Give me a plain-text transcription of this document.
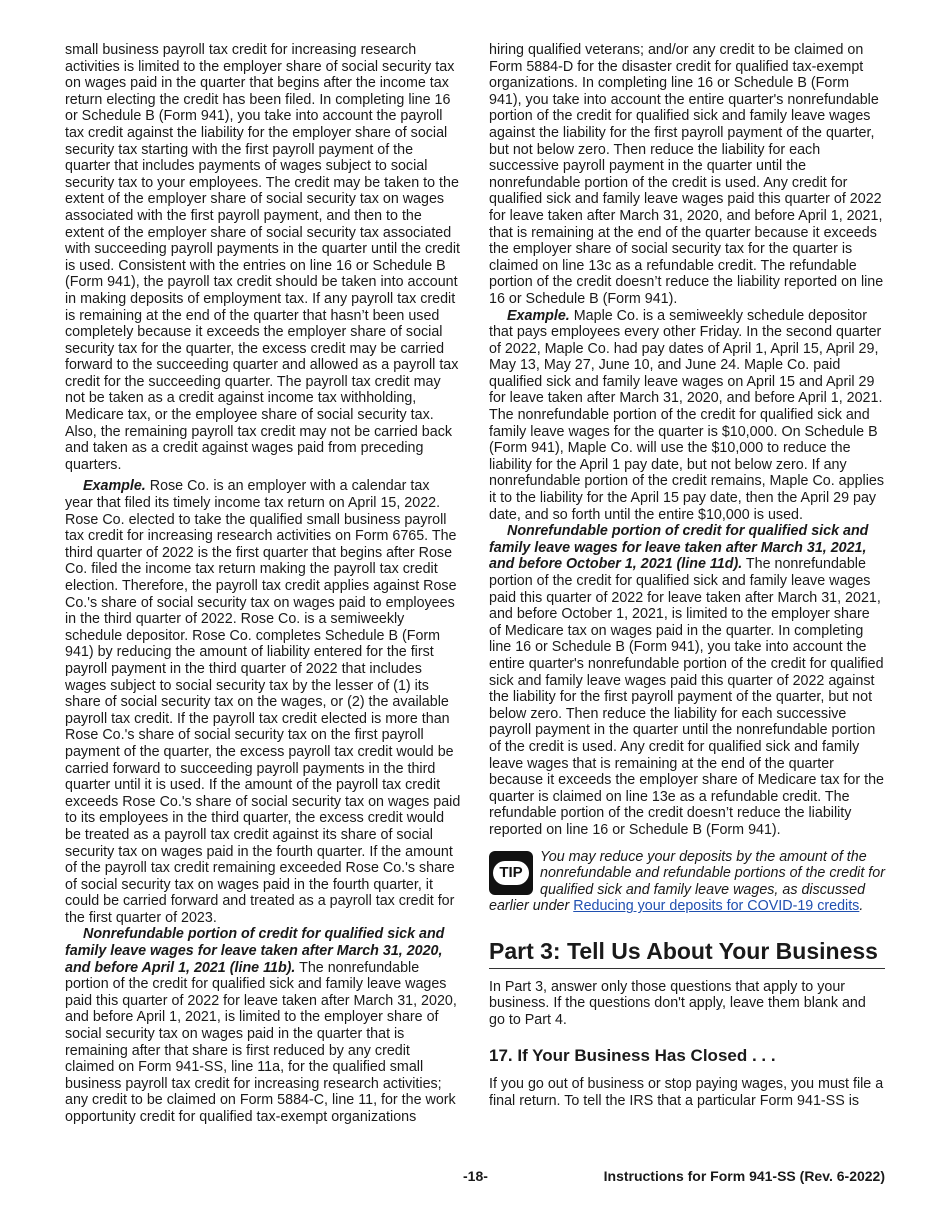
small business payroll tax credit for increasing research activities is limited to the employer share of social security tax on wages paid in the quarter that begins after the income tax return electing the credit has been filed. In completing line 16 or Schedule B (Form 941), you take into account the payroll tax credit against the liability for the employer share of social security tax starting with the first payroll payment of the quarter that includes payments of wages subject to social security tax to your employees. The credit may be taken to the extent of the employer share of social security tax on wages associated with the first payroll payment, and then to the extent of the employer share of social security tax associated with succeeding payroll payments in the quarter until the credit is used. Consistent with the entries on line 16 or Schedule B (Form 941), the payroll tax credit should be taken into account in making deposits of employment tax. If any payroll tax credit is remaining at the end of the quarter that hasn’t been used completely because it exceeds the employer share of social security tax for the quarter, the excess credit may be carried forward to the succeeding quarter and allowed as a payroll tax credit for the succeeding quarter. The payroll tax credit may not be taken as a credit against income tax withholding, Medicare tax, or the employee share of social security tax. Also, the remaining payroll tax credit may not be carried back and taken as a credit against wages paid from preceding quarters.

Example. Rose Co. is an employer with a calendar tax year that filed its timely income tax return on April 15, 2022. Rose Co. elected to take the qualified small business payroll tax credit for increasing research activities on Form 6765. The third quarter of 2022 is the first quarter that begins after Rose Co. filed the income tax return making the payroll tax credit election. Therefore, the payroll tax credit applies against Rose Co.'s share of social security tax on wages paid to employees in the third quarter of 2022. Rose Co. is a semiweekly schedule depositor. Rose Co. completes Schedule B (Form 941) by reducing the amount of liability entered for the first payroll payment in the third quarter of 2022 that includes wages subject to social security tax by the lesser of (1) its share of social security tax on the wages, or (2) the available payroll tax credit. If the payroll tax credit elected is more than Rose Co.'s share of social security tax on the first payroll payment of the quarter, the excess payroll tax credit would be carried forward to succeeding payroll payments in the third quarter until it is used. If the amount of the payroll tax credit exceeds Rose Co.'s share of social security tax on wages paid to its employees in the third quarter, the excess credit would be treated as a payroll tax credit against its share of social security tax on wages paid in the fourth quarter. If the amount of the payroll tax credit remaining exceeded Rose Co.'s share of social security tax on wages paid in the fourth quarter, it could be carried forward and treated as a payroll tax credit for the first quarter of 2023.

Nonrefundable portion of credit for qualified sick and family leave wages for leave taken after March 31, 2020, and before April 1, 2021 (line 11b). The nonrefundable portion of the credit for qualified sick and family leave wages paid this quarter of 2022 for leave taken after March 31, 2020, and before April 1, 2021, is limited to the employer share of social security tax on wages paid in the quarter that is remaining after that share is first reduced by any credit claimed on Form 941-SS, line 11a, for the qualified small business payroll tax credit for increasing research activities; any credit to be claimed on Form 5884-C, line 11, for the work opportunity credit for qualified tax-exempt organizations

hiring qualified veterans; and/or any credit to be claimed on Form 5884-D for the disaster credit for qualified tax-exempt organizations. In completing line 16 or Schedule B (Form 941), you take into account the entire quarter's nonrefundable portion of the credit for qualified sick and family leave wages against the liability for the first payroll payment of the quarter, but not below zero. Then reduce the liability for each successive payroll payment in the quarter until the nonrefundable portion of the credit is used. Any credit for qualified sick and family leave wages paid this quarter of 2022 for leave taken after March 31, 2020, and before April 1, 2021, that is remaining at the end of the quarter because it exceeds the employer share of social security tax for the quarter is claimed on line 13c as a refundable credit. The refundable portion of the credit doesn’t reduce the liability reported on line 16 or Schedule B (Form 941).

Example. Maple Co. is a semiweekly schedule depositor that pays employees every other Friday. In the second quarter of 2022, Maple Co. had pay dates of April 1, April 15, April 29, May 13, May 27, June 10, and June 24. Maple Co. paid qualified sick and family leave wages on April 15 and April 29 for leave taken after March 31, 2020, and before April 1, 2021. The nonrefundable portion of the credit for qualified sick and family leave wages for the quarter is $10,000. On Schedule B (Form 941), Maple Co. will use the $10,000 to reduce the liability for the April 1 pay date, but not below zero. If any nonrefundable portion of the credit remains, Maple Co. applies it to the liability for the April 15 pay date, then the April 29 pay date, and so forth until the entire $10,000 is used.

Nonrefundable portion of credit for qualified sick and family leave wages for leave taken after March 31, 2021, and before October 1, 2021 (line 11d). The nonrefundable portion of the credit for qualified sick and family leave wages paid this quarter of 2022 for leave taken after March 31, 2021, and before October 1, 2021, is limited to the employer share of Medicare tax on wages paid in the quarter. In completing line 16 or Schedule B (Form 941), you take into account the entire quarter's nonrefundable portion of the credit for qualified sick and family leave wages paid this quarter of 2022 against the liability for the first payroll payment of the quarter, but not below zero. Then reduce the liability for each successive payroll payment in the quarter until the nonrefundable portion of the credit is used. Any credit for qualified sick and family leave wages that is remaining at the end of the quarter because it exceeds the employer share of Medicare tax for the quarter is claimed on line 13e as a refundable credit. The refundable portion of the credit doesn’t reduce the liability reported on line 16 or Schedule B (Form 941).

TIP
You may reduce your deposits by the amount of the nonrefundable and refundable portions of the credit for qualified sick and family leave wages, as discussed earlier under Reducing your deposits for COVID-19 credits.
Part 3: Tell Us About Your Business

In Part 3, answer only those questions that apply to your business. If the questions don't apply, leave them blank and go to Part 4.

17. If Your Business Has Closed . . .

If you go out of business or stop paying wages, you must file a final return. To tell the IRS that a particular Form 941-SS is

-18-	Instructions for Form 941-SS (Rev. 6-2022)
